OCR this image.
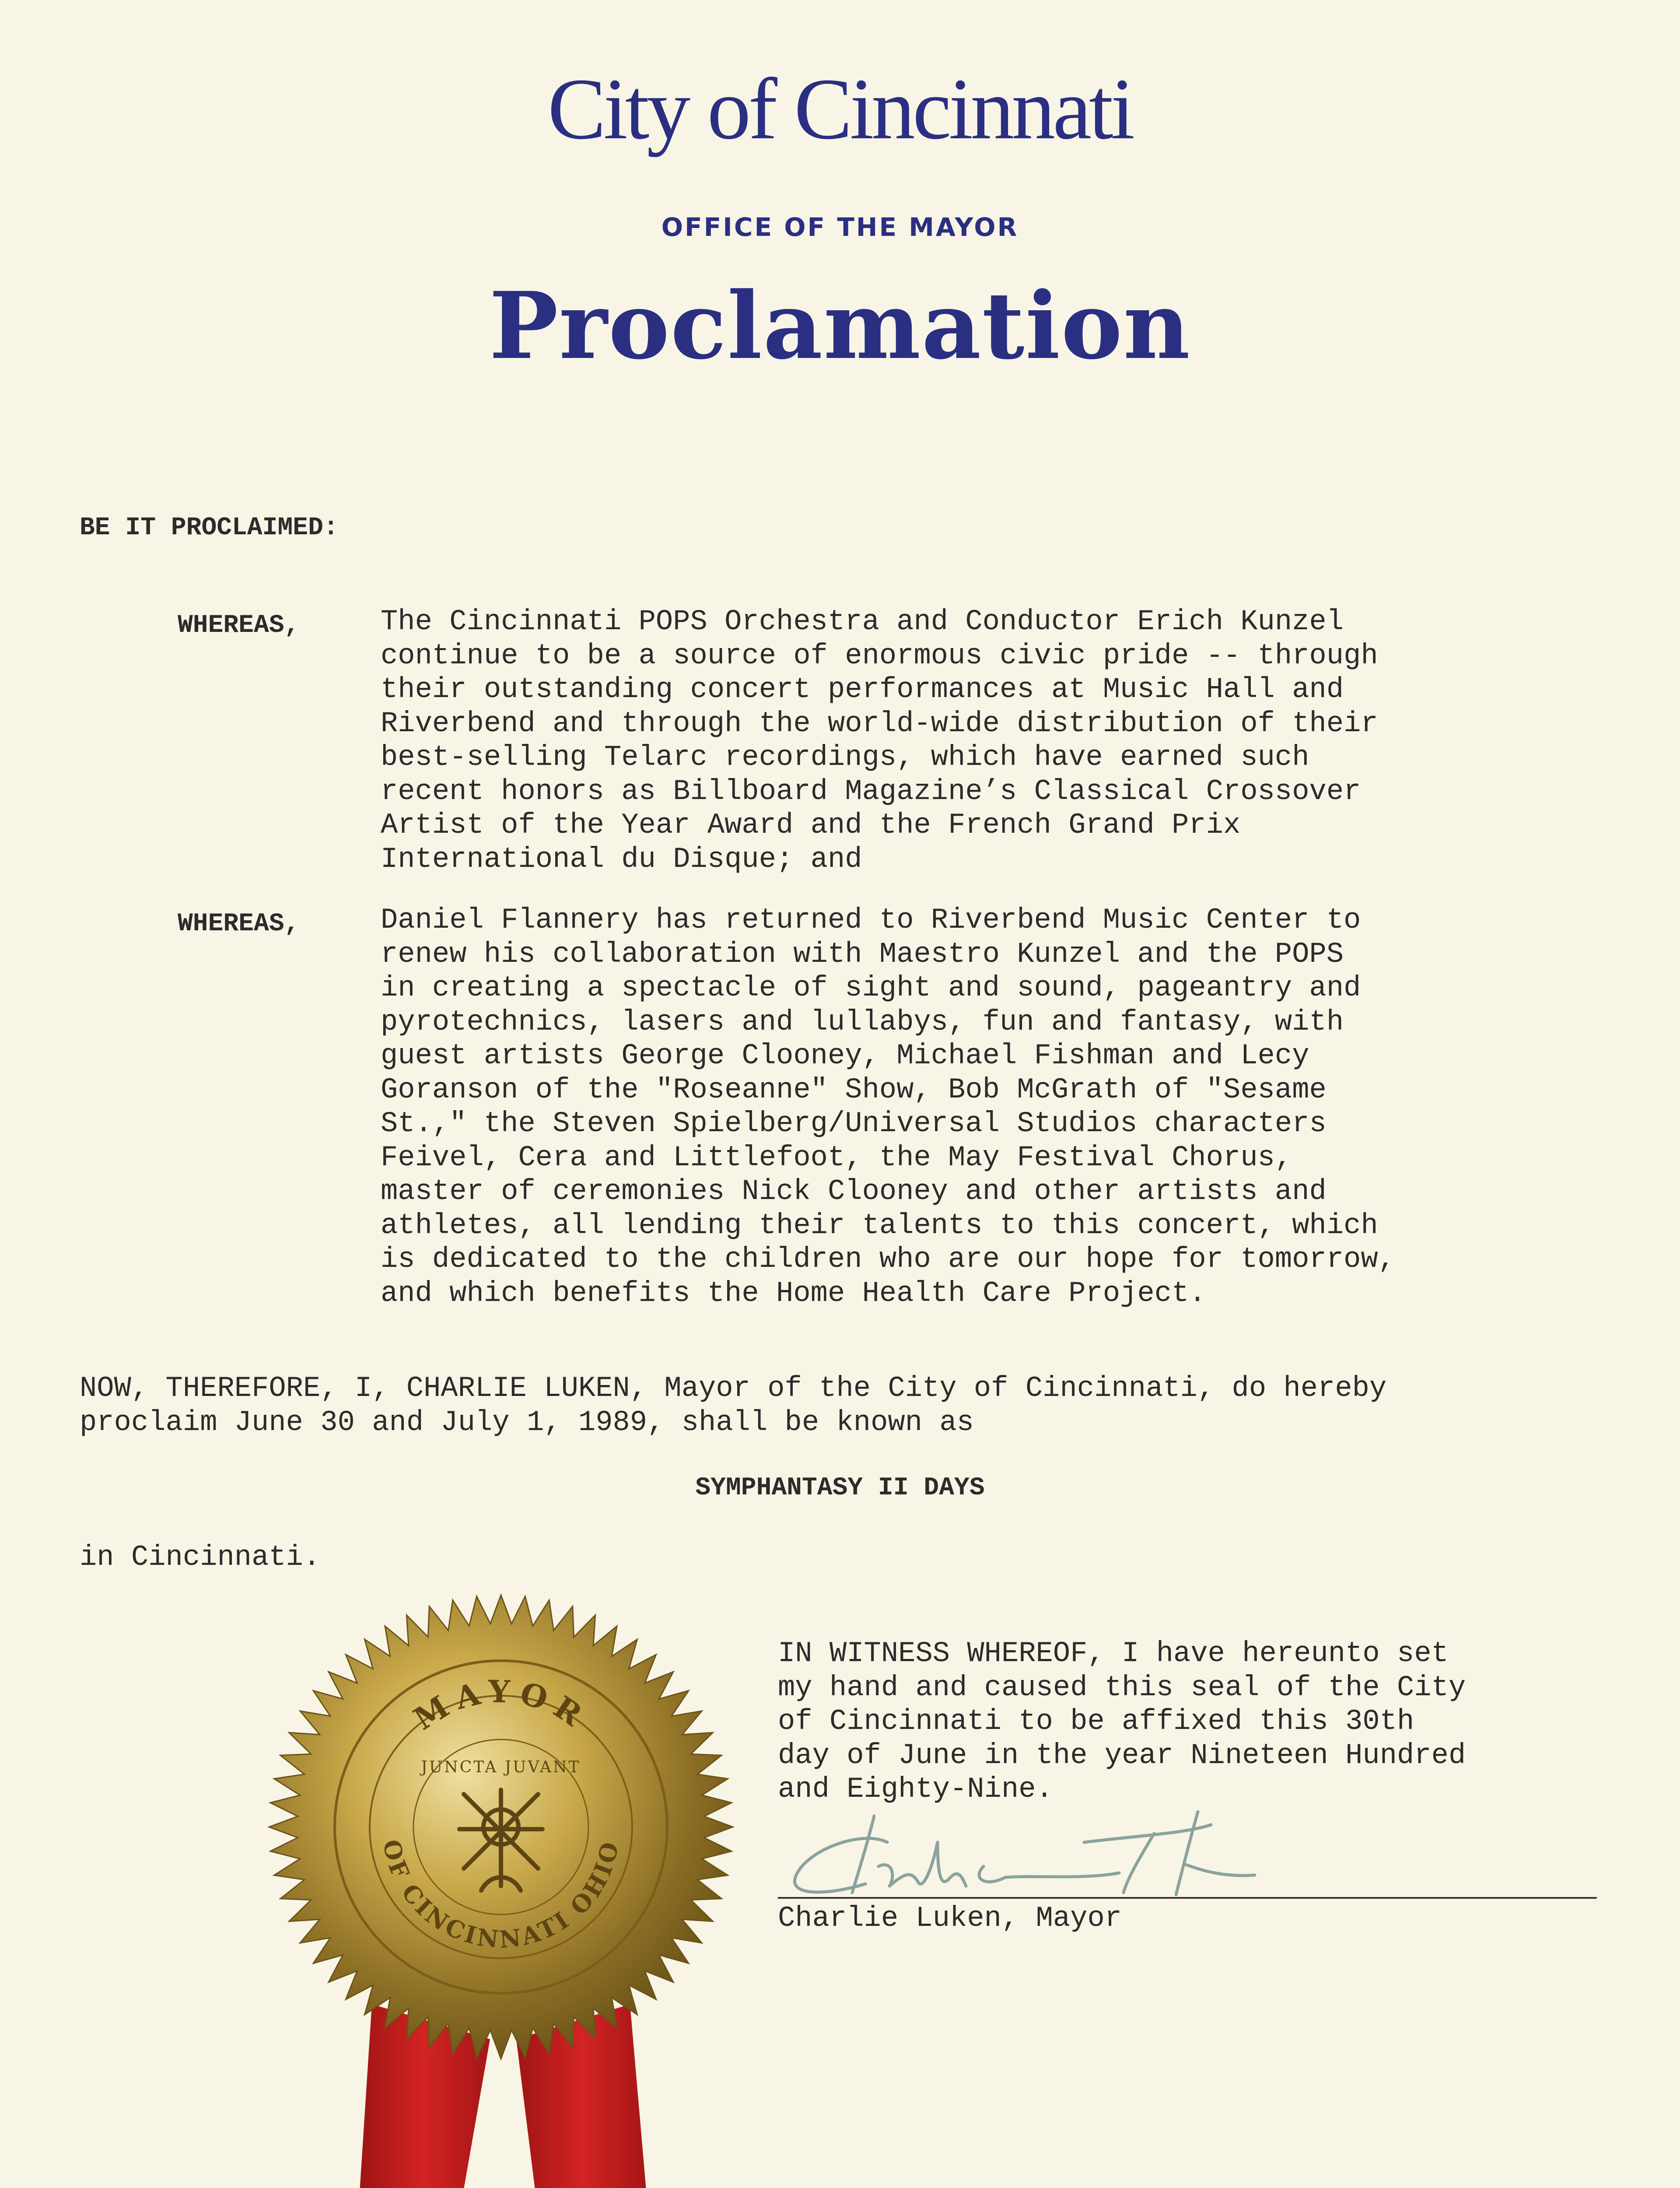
City of Cincinnati
OFFICE OF THE MAYOR
Proclamation
BE IT PROCLAIMED:
WHEREAS,	The Cincinnati POPS Orchestra and Conductor Erich Kunzel
continue to be a source of enormous civic pride -- through
their outstanding concert performances at Music Hall and
Riverbend and through the world-wide distribution of their
best-selling Telarc recordings, which have earned such
recent honors as Billboard Magazine’s Classical Crossover
Artist of the Year Award and the French Grand Prix
International du Disque; and
WHEREAS,	Daniel Flannery has returned to Riverbend Music Center to
renew his collaboration with Maestro Kunzel and the POPS
in creating a spectacle of sight and sound, pageantry and
pyrotechnics, lasers and lullabys, fun and fantasy, with
guest artists George Clooney, Michael Fishman and Lecy
Goranson of the "Roseanne" Show, Bob McGrath of "Sesame
St.," the Steven Spielberg/Universal Studios characters
Feivel, Cera and Littlefoot, the May Festival Chorus,
master of ceremonies Nick Clooney and other artists and
athletes, all lending their talents to this concert, which
is dedicated to the children who are our hope for tomorrow,
and which benefits the Home Health Care Project.
NOW, THEREFORE, I, CHARLIE LUKEN, Mayor of the City of Cincinnati, do hereby
proclaim June 30 and July 1, 1989, shall be known as
SYMPHANTASY II DAYS
in Cincinnati.
IN WITNESS WHEREOF, I have hereunto set
my hand and caused this seal of the City
of Cincinnati to be affixed this 30th
day of June in the year Nineteen Hundred
and Eighty-Nine.
Charlie Luken, Mayor
MAYOR
OF CINCINNATI OHIO
JUNCTA JUVANT
